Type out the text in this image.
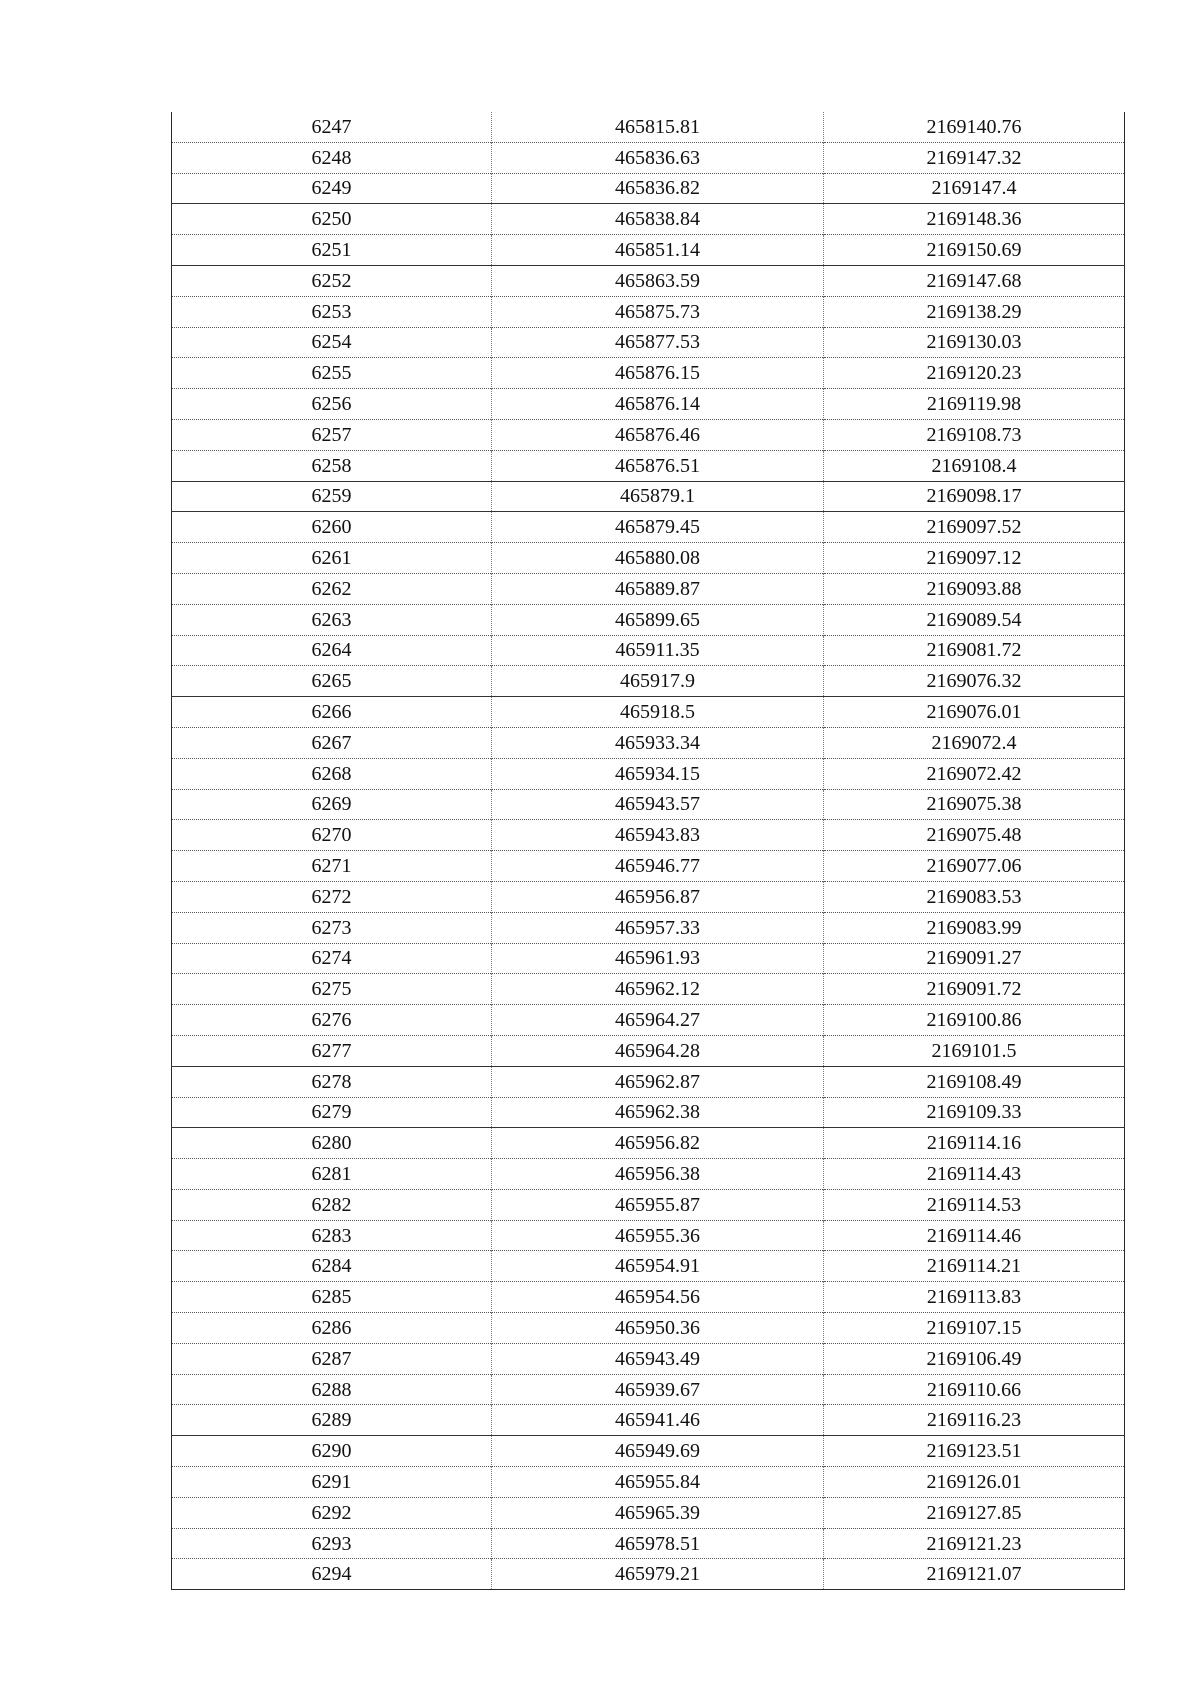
6247	465815.81	2169140.76
6248	465836.63	2169147.32
6249	465836.82	2169147.4
6250	465838.84	2169148.36
6251	465851.14	2169150.69
6252	465863.59	2169147.68
6253	465875.73	2169138.29
6254	465877.53	2169130.03
6255	465876.15	2169120.23
6256	465876.14	2169119.98
6257	465876.46	2169108.73
6258	465876.51	2169108.4
6259	465879.1	2169098.17
6260	465879.45	2169097.52
6261	465880.08	2169097.12
6262	465889.87	2169093.88
6263	465899.65	2169089.54
6264	465911.35	2169081.72
6265	465917.9	2169076.32
6266	465918.5	2169076.01
6267	465933.34	2169072.4
6268	465934.15	2169072.42
6269	465943.57	2169075.38
6270	465943.83	2169075.48
6271	465946.77	2169077.06
6272	465956.87	2169083.53
6273	465957.33	2169083.99
6274	465961.93	2169091.27
6275	465962.12	2169091.72
6276	465964.27	2169100.86
6277	465964.28	2169101.5
6278	465962.87	2169108.49
6279	465962.38	2169109.33
6280	465956.82	2169114.16
6281	465956.38	2169114.43
6282	465955.87	2169114.53
6283	465955.36	2169114.46
6284	465954.91	2169114.21
6285	465954.56	2169113.83
6286	465950.36	2169107.15
6287	465943.49	2169106.49
6288	465939.67	2169110.66
6289	465941.46	2169116.23
6290	465949.69	2169123.51
6291	465955.84	2169126.01
6292	465965.39	2169127.85
6293	465978.51	2169121.23
6294	465979.21	2169121.07
